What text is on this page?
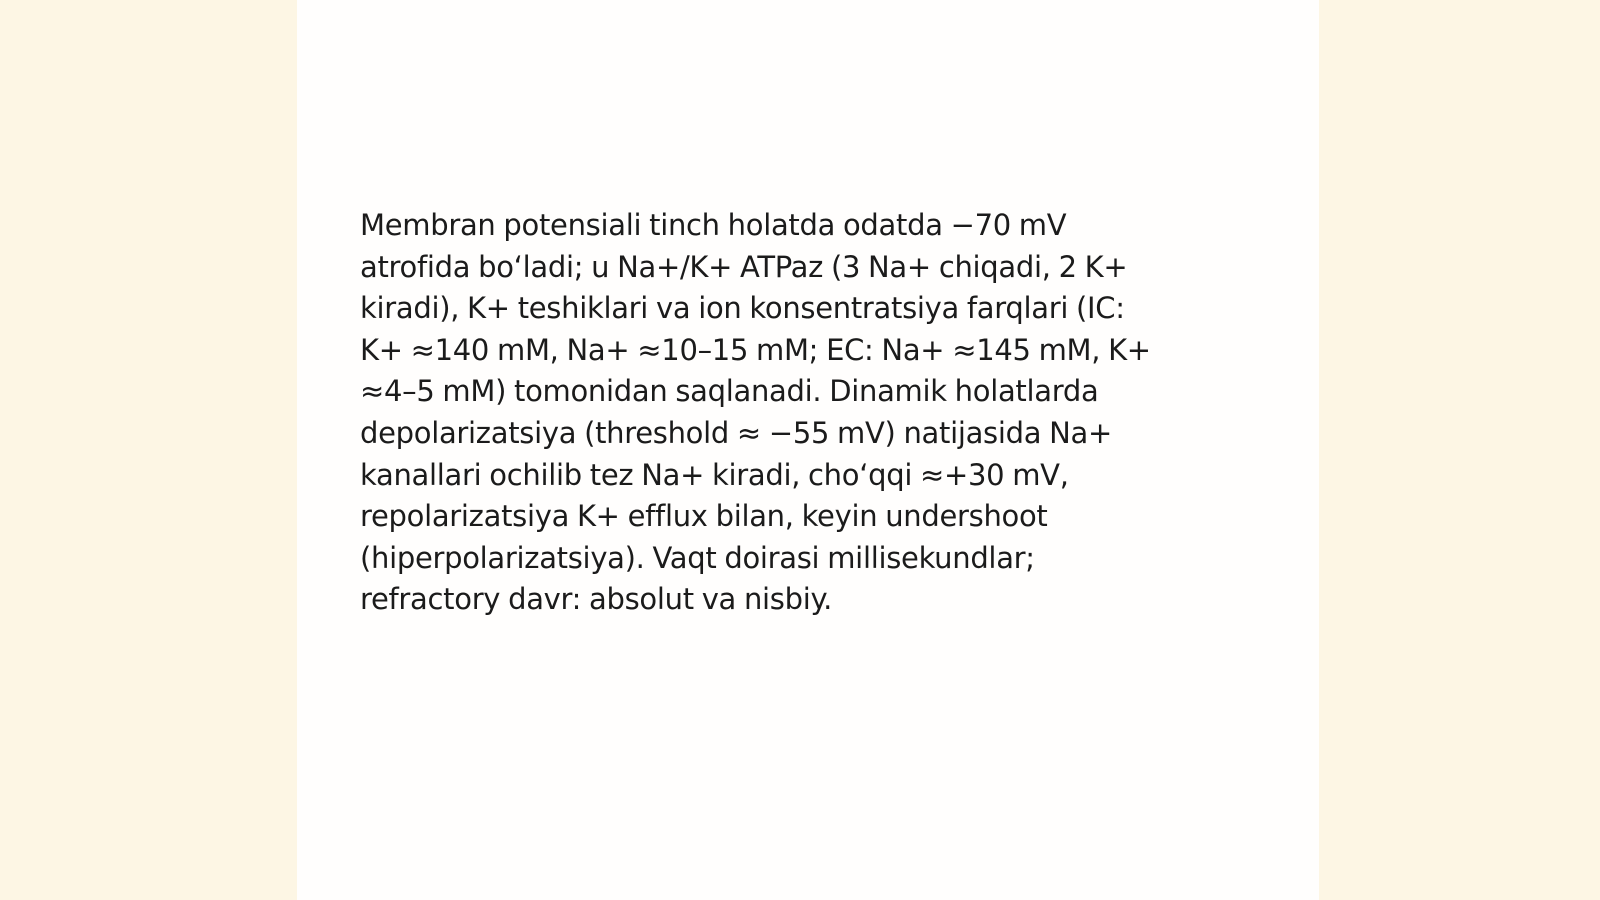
Membran potensiali tinch holatda odatda −70 mV
atrofida bo‘ladi; u Na+/K+ ATPaz (3 Na+ chiqadi, 2 K+
kiradi), K+ teshiklari va ion konsentratsiya farqlari (IC:
K+ ≈140 mM, Na+ ≈10–15 mM; EC: Na+ ≈145 mM, K+
≈4–5 mM) tomonidan saqlanadi. Dinamik holatlarda
depolarizatsiya (threshold ≈ −55 mV) natijasida Na+
kanallari ochilib tez Na+ kiradi, cho‘qqi ≈+30 mV,
repolarizatsiya K+ efflux bilan, keyin undershoot
(hiperpolarizatsiya). Vaqt doirasi millisekundlar;
refractory davr: absolut va nisbiy.
